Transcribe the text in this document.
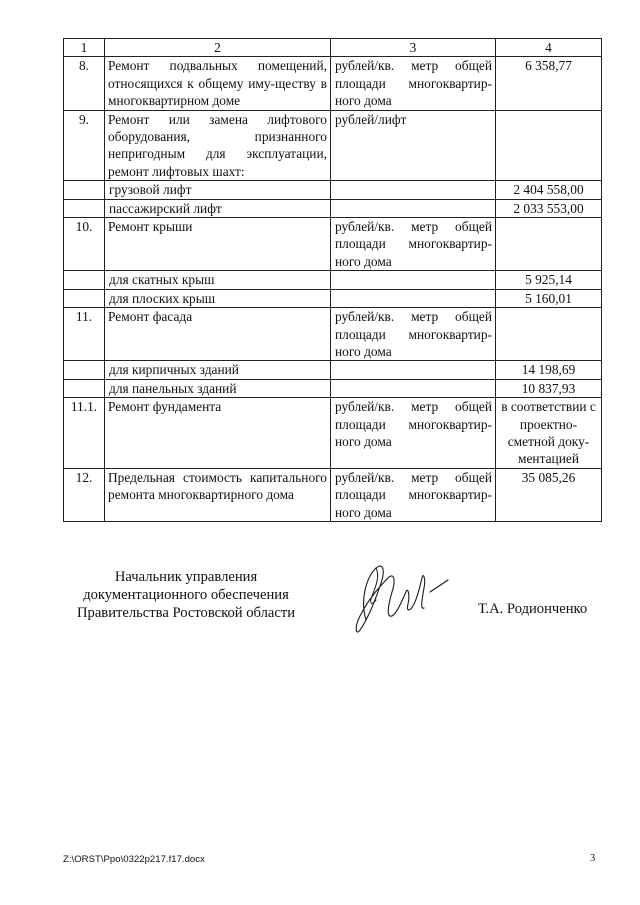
1	2	3	4
8.	Ремонт подвальных помещений, относящихся к общему иму-ществу в многоквартирном доме	рублей/кв. метр общей площади многоквартир-ного дома	6 358,77
9.	Ремонт или замена лифтового оборудования, признанного непригодным для эксплуатации, ремонт лифтовых шахт:	рублей/лифт	
	грузовой лифт		2 404 558,00
	пассажирский лифт		2 033 553,00
10.	Ремонт крыши	рублей/кв. метр общей площади многоквартир-ного дома	
	для скатных крыш		5 925,14
	для плоских крыш		5 160,01
11.	Ремонт фасада	рублей/кв. метр общей площади многоквартир-ного дома	
	для кирпичных зданий		14 198,69
	для панельных зданий		10 837,93
11.1.	Ремонт фундамента	рублей/кв. метр общей площади многоквартир-ного дома	в соответствии с проектно-сметной доку-ментацией
12.	Предельная стоимость капитального ремонта многоквартирного дома	рублей/кв. метр общей площади многоквартир-ного дома	35 085,26
Начальник управления
документационного обеспечения
Правительства Ростовской области	Т.А. Родионченко
Z:\ORST\Ppo\0322p217.f17.docx	3
